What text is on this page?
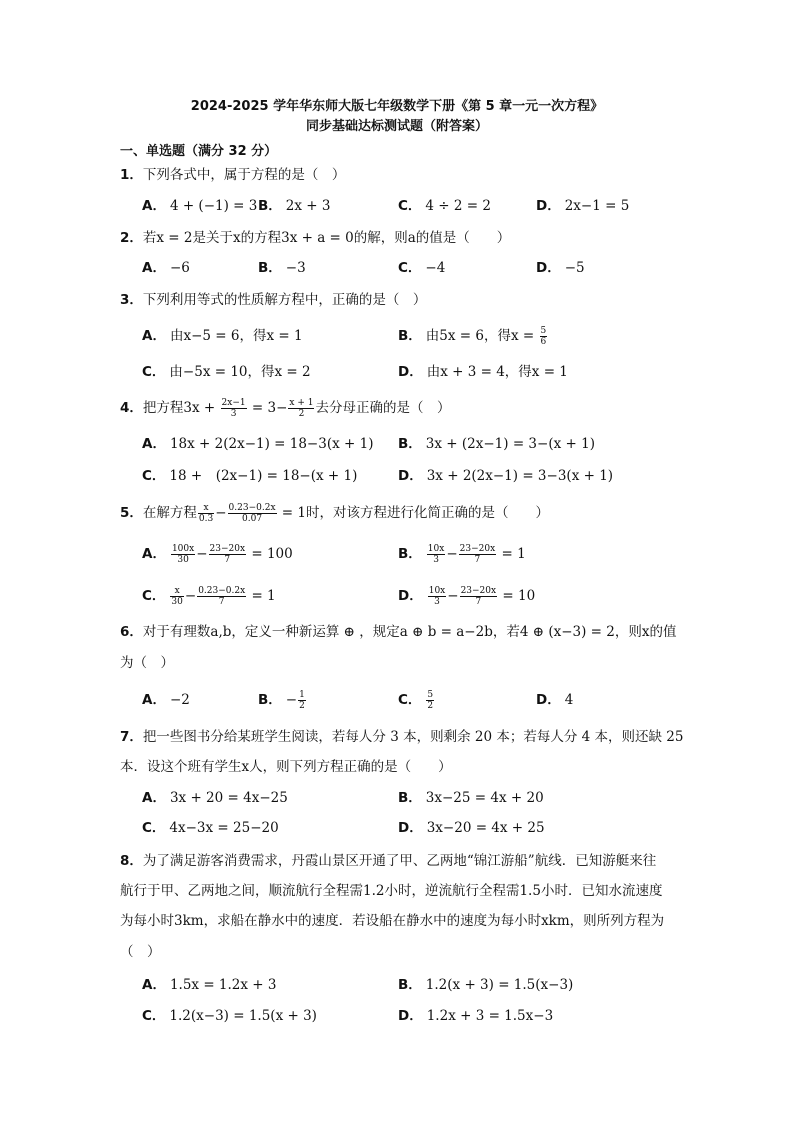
2024-2025 学年华东师大版七年级数学下册《第 5 章一元一次方程》
同步基础达标测试题（附答案）
一、单选题（满分 32 分）
1．下列各式中，属于方程的是（　）
A． 4 + (−1) = 3 B． 2x + 3	C． 4 ÷ 2 = 2	D． 2x−1 = 5
2．若x = 2是关于x的方程3x + a = 0的解，则a的值是（　　）
A． −6	B． −3	C． −4	D． −5
3．下列利用等式的性质解方程中，正确的是（　）
A． 由x−5 = 6，得x = 1	B． 由5x = 6，得$x = \frac{5}{6}$
C． 由−5x = 10，得x = 2	D． 由x + 3 = 4，得x = 1
4．把方程$3x + \frac{2x-1}{3} = 3- \frac{x + 1}{2}$ 去分母正确的是（　）
A． 18x + 2(2x−1) = 18−3(x + 1) B． 3x + (2x−1) = 3−(x + 1)
C． 18 +　(2x−1) = 18−(x + 1)	D． 3x + 2(2x−1) = 3−3(x + 1)
5．在解方程 $\frac{x}{0.3} - \frac{0.23-0.2x}{0.07} = 1$时，对该方程进行化简正确的是（　　）
A． $\frac{100x}{30} - \frac{23-20x}{7} = 100$	B． $\frac{10x}{3} - \frac{23-20x}{7} = 1$
C． $\frac{x}{30} - \frac{0.23-0.2x}{7} = 1$	D． $\frac{10x}{3} - \frac{23-20x}{7} = 10$
6．对于有理数a,b，定义一种新运算 ⊕ ，规定a ⊕ b = a−2b，若4 ⊕ (x−3) = 2，则x的值
为（　）
A． −2	B． − $\frac{1}{2}$	C． $\frac{5}{2}$	D． 4
7．把一些图书分给某班学生阅读，若每人分 3 本，则剩余 20 本；若每人分 4 本，则还缺 25
本．设这个班有学生x人，则下列方程正确的是（　　）
A． 3x + 20 = 4x−25	B． 3x−25 = 4x + 20
C． 4x−3x = 25−20	D． 3x−20 = 4x + 25
8．为了满足游客消费需求，丹霞山景区开通了甲、乙两地“锦江游船”航线．已知游艇来往
航行于甲、乙两地之间，顺流航行全程需1.2小时，逆流航行全程需1.5小时．已知水流速度
为每小时3km，求船在静水中的速度．若设船在静水中的速度为每小时xkm，则所列方程为
（　）
A． 1.5x = 1.2x + 3	B． 1.2(x + 3) = 1.5(x−3)
C． 1.2(x−3) = 1.5(x + 3)	D． 1.2x + 3 = 1.5x−3
